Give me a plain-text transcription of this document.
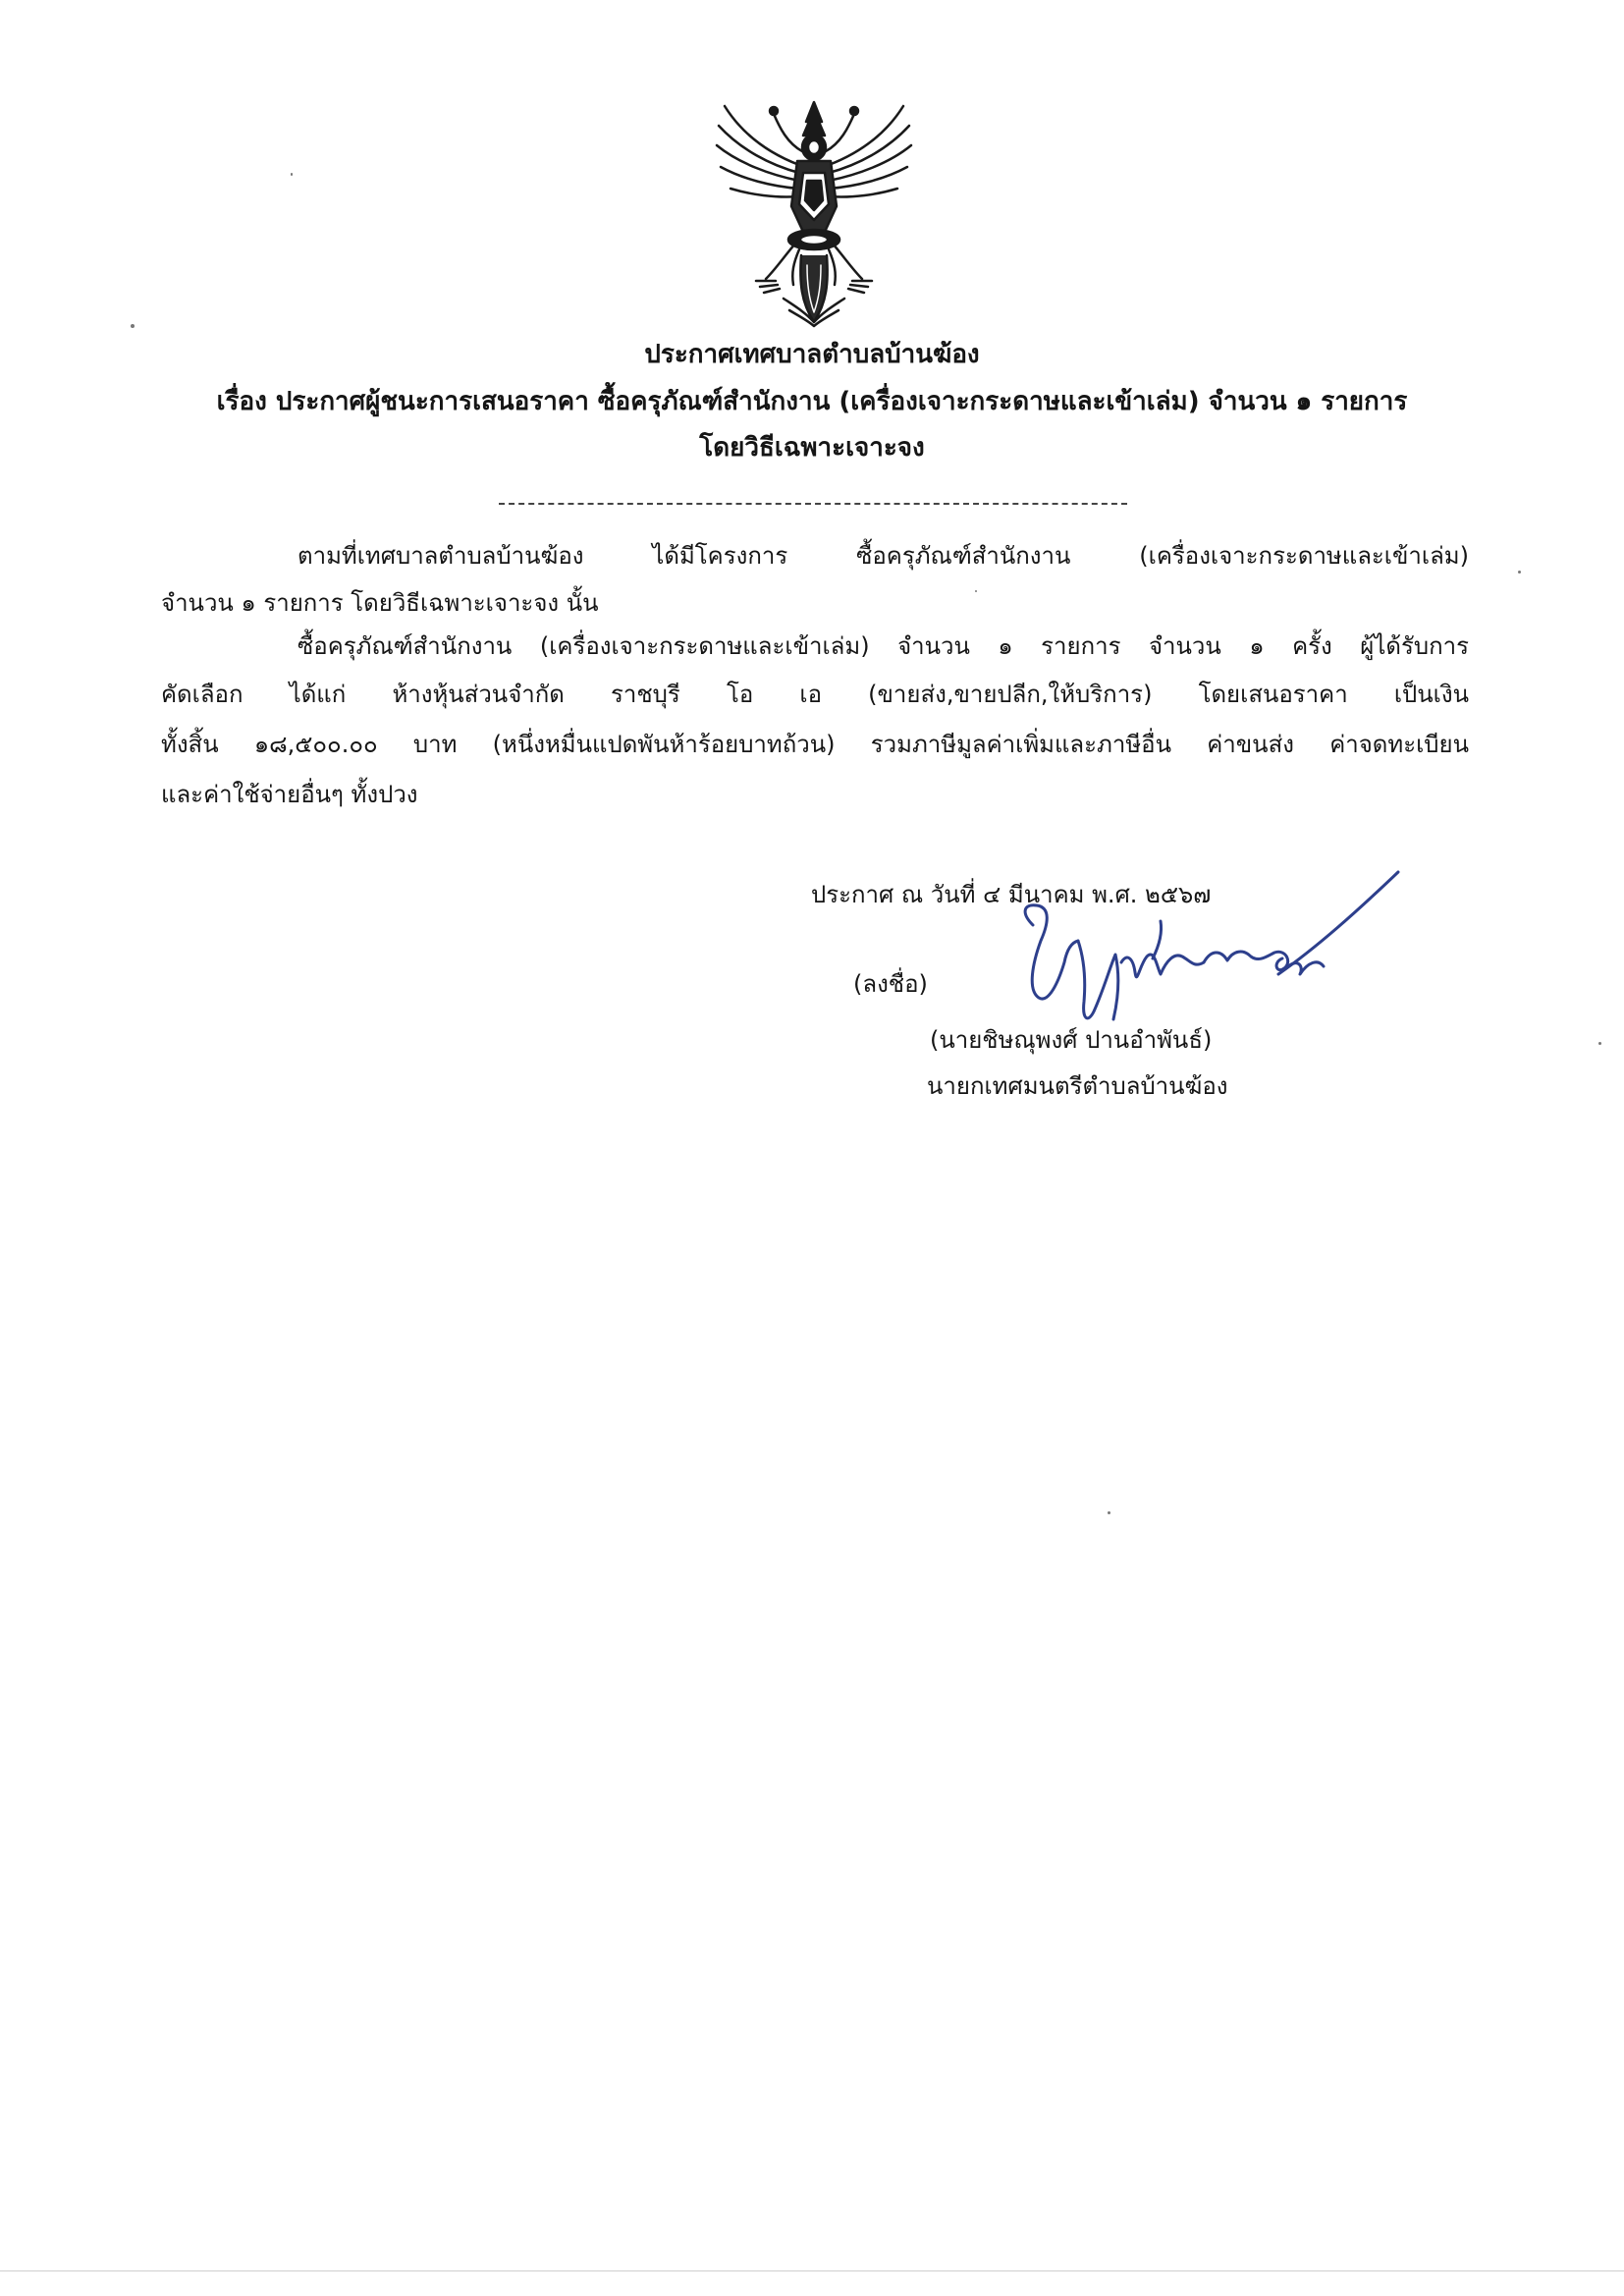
ประกาศเทศบาลตำบลบ้านฆ้อง
เรื่อง ประกาศผู้ชนะการเสนอราคา ซื้อครุภัณฑ์สำนักงาน (เครื่องเจาะกระดาษและเข้าเล่ม) จำนวน ๑ รายการ
โดยวิธีเฉพาะเจาะจง
ตามที่เทศบาลตำบลบ้านฆ้อง ได้มีโครงการ ซื้อครุภัณฑ์สำนักงาน (เครื่องเจาะกระดาษและเข้าเล่ม)
จำนวน ๑ รายการ โดยวิธีเฉพาะเจาะจง นั้น
ซื้อครุภัณฑ์สำนักงาน (เครื่องเจาะกระดาษและเข้าเล่ม) จำนวน ๑ รายการ จำนวน ๑ ครั้ง ผู้ได้รับการ
คัดเลือก ได้แก่ ห้างหุ้นส่วนจำกัด ราชบุรี โอ เอ (ขายส่ง,ขายปลีก,ให้บริการ) โดยเสนอราคา เป็นเงิน
ทั้งสิ้น ๑๘,๕๐๐.๐๐ บาท (หนึ่งหมื่นแปดพันห้าร้อยบาทถ้วน) รวมภาษีมูลค่าเพิ่มและภาษีอื่น ค่าขนส่ง ค่าจดทะเบียน
และค่าใช้จ่ายอื่นๆ ทั้งปวง
ประกาศ ณ วันที่ ๔ มีนาคม พ.ศ. ๒๕๖๗
(ลงชื่อ)
(นายชิษณุพงศ์ ปานอำพันธ์)
นายกเทศมนตรีตำบลบ้านฆ้อง
